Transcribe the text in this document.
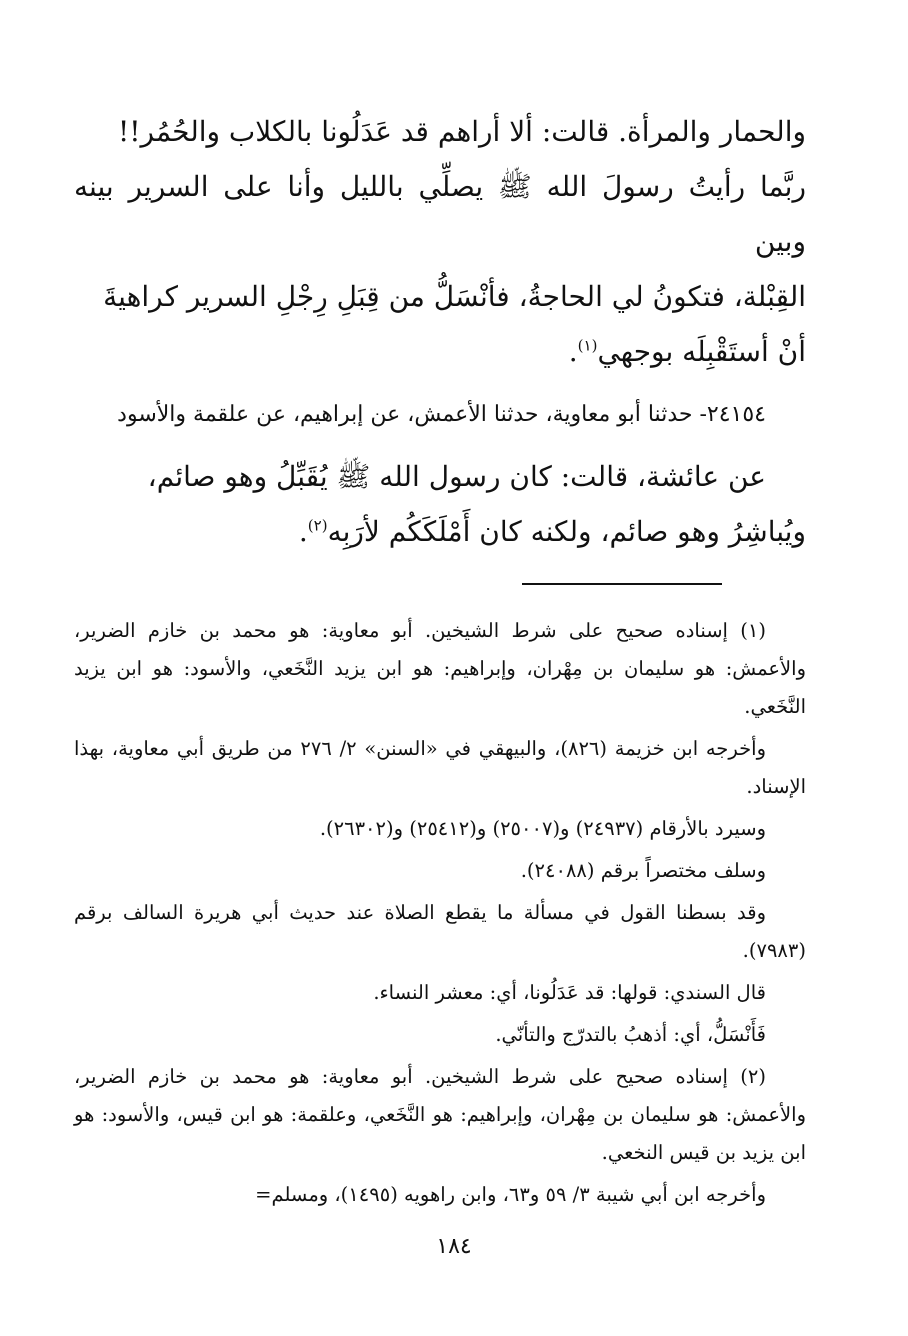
والحمار والمرأة. قالت: ألا أراهم قد عَدَلُونا بالكلاب والحُمُر!!
ربَّما رأيتُ رسولَ الله ﷺ يصلِّي بالليل وأنا على السرير بينه وبين
القِبْلة، فتكونُ لي الحاجةُ، فأنْسَلُّ من قِبَلِ رِجْلِ السرير كراهيةَ
أنْ أستَقْبِلَه بوجهي$^{(١)}$.

٢٤١٥٤- حدثنا أبو معاوية، حدثنا الأعمش، عن إبراهيم، عن علقمة والأسود

عن عائشة، قالت: كان رسول الله ﷺ يُقَبِّلُ وهو صائم،
ويُباشِرُ وهو صائم، ولكنه كان أَمْلَكَكُم لأرَبِه$^{(٢)}$.

(١) إسناده صحيح على شرط الشيخين. أبو معاوية: هو محمد بن خازم الضرير، والأعمش: هو سليمان بن مِهْران، وإبراهيم: هو ابن يزيد النَّخَعي، والأسود: هو ابن يزيد النَّخَعي.

وأخرجه ابن خزيمة (٨٢٦)، والبيهقي في «السنن» ٢/ ٢٧٦ من طريق أبي معاوية، بهذا الإسناد.

وسيرد بالأرقام (٢٤٩٣٧) و(٢٥٠٠٧) و(٢٥٤١٢) و(٢٦٣٠٢).

وسلف مختصراً برقم (٢٤٠٨٨).

وقد بسطنا القول في مسألة ما يقطع الصلاة عند حديث أبي هريرة السالف برقم (٧٩٨٣).

قال السندي: قولها: قد عَدَلُونا، أي: معشر النساء.

فَأَنْسَلُّ، أي: أذهبُ بالتدرّج والتأنّي.

(٢) إسناده صحيح على شرط الشيخين. أبو معاوية: هو محمد بن خازم الضرير، والأعمش: هو سليمان بن مِهْران، وإبراهيم: هو النَّخَعي، وعلقمة: هو ابن قيس، والأسود: هو ابن يزيد بن قيس النخعي.

وأخرجه ابن أبي شيبة ٣/ ٥٩ و٦٣، وابن راهويه (١٤٩٥)، ومسلم=

١٨٤
